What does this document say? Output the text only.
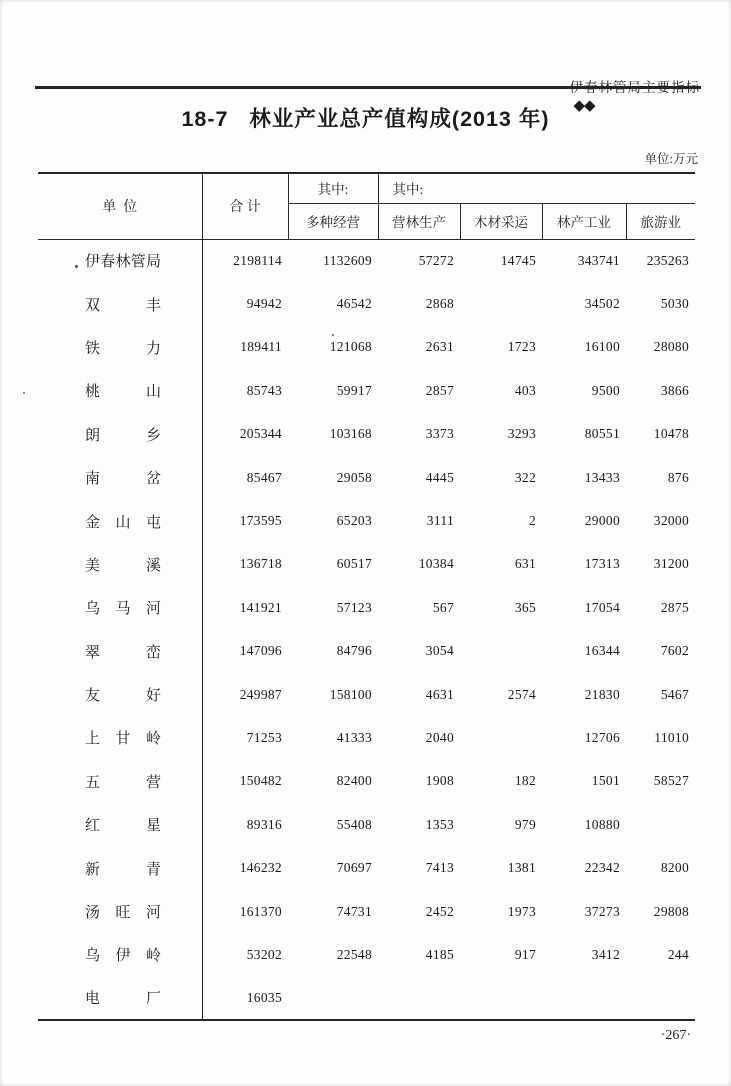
◆◆

18-7   林业产业总产值构成(2013 年)
单位:万元
单  位	合 计	其中:	其中:			
		多种经营	营林生产	木材采运	林产工业	旅游业
伊春林管局	2198114	1132609	57272	14745	343741	235263
双丰	94942	46542	2868		34502	5030
铁力	189411	121068	2631	1723	16100	28080
桃山	85743	59917	2857	403	9500	3866
朗乡	205344	103168	3373	3293	80551	10478
南岔	85467	29058	4445	322	13433	876
金山屯	173595	65203	3111	2	29000	32000
美溪	136718	60517	10384	631	17313	31200
乌马河	141921	57123	567	365	17054	2875
翠峦	147096	84796	3054		16344	7602
友好	249987	158100	4631	2574	21830	5467
上甘岭	71253	41333	2040		12706	11010
五营	150482	82400	1908	182	1501	58527
红星	89316	55408	1353	979	10880	
新青	146232	70697	7413	1381	22342	8200
汤旺河	161370	74731	2452	1973	37273	29808
乌伊岭	53202	22548	4185	917	3412	244
电厂	16035					
·267·
